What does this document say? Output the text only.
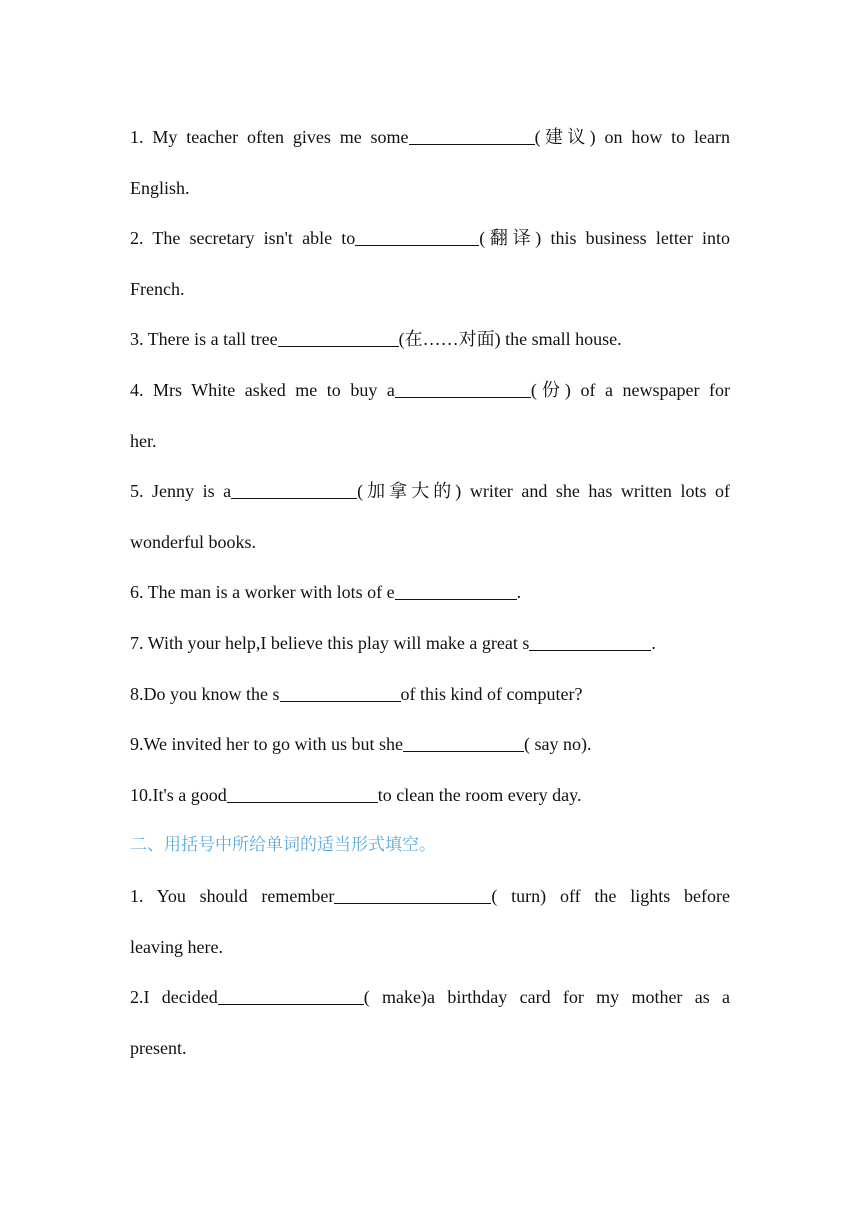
1. My teacher often gives me some	(建议) on how to learn
English.
2. The secretary isn't able to	(翻译) this business letter into
French.
3. There is a tall tree	(在……对面) the small house.
4. Mrs White asked me to buy a	(份) of a newspaper for
her.
5. Jenny is a	(加拿大的) writer and she has written lots of
wonderful books.
6. The man is a worker with lots of e	.
7. With your help,I believe this play will make a great s	.
8.Do you know the s	of this kind of computer?
9.We invited her to go with us but she	( say no).
10.It's a good	to clean the room every day.
二、用括号中所给单词的适当形式填空。
1. You should remember	( turn) off the lights before
leaving here.
2.I decided	( make)a birthday card for my mother as a
present.
